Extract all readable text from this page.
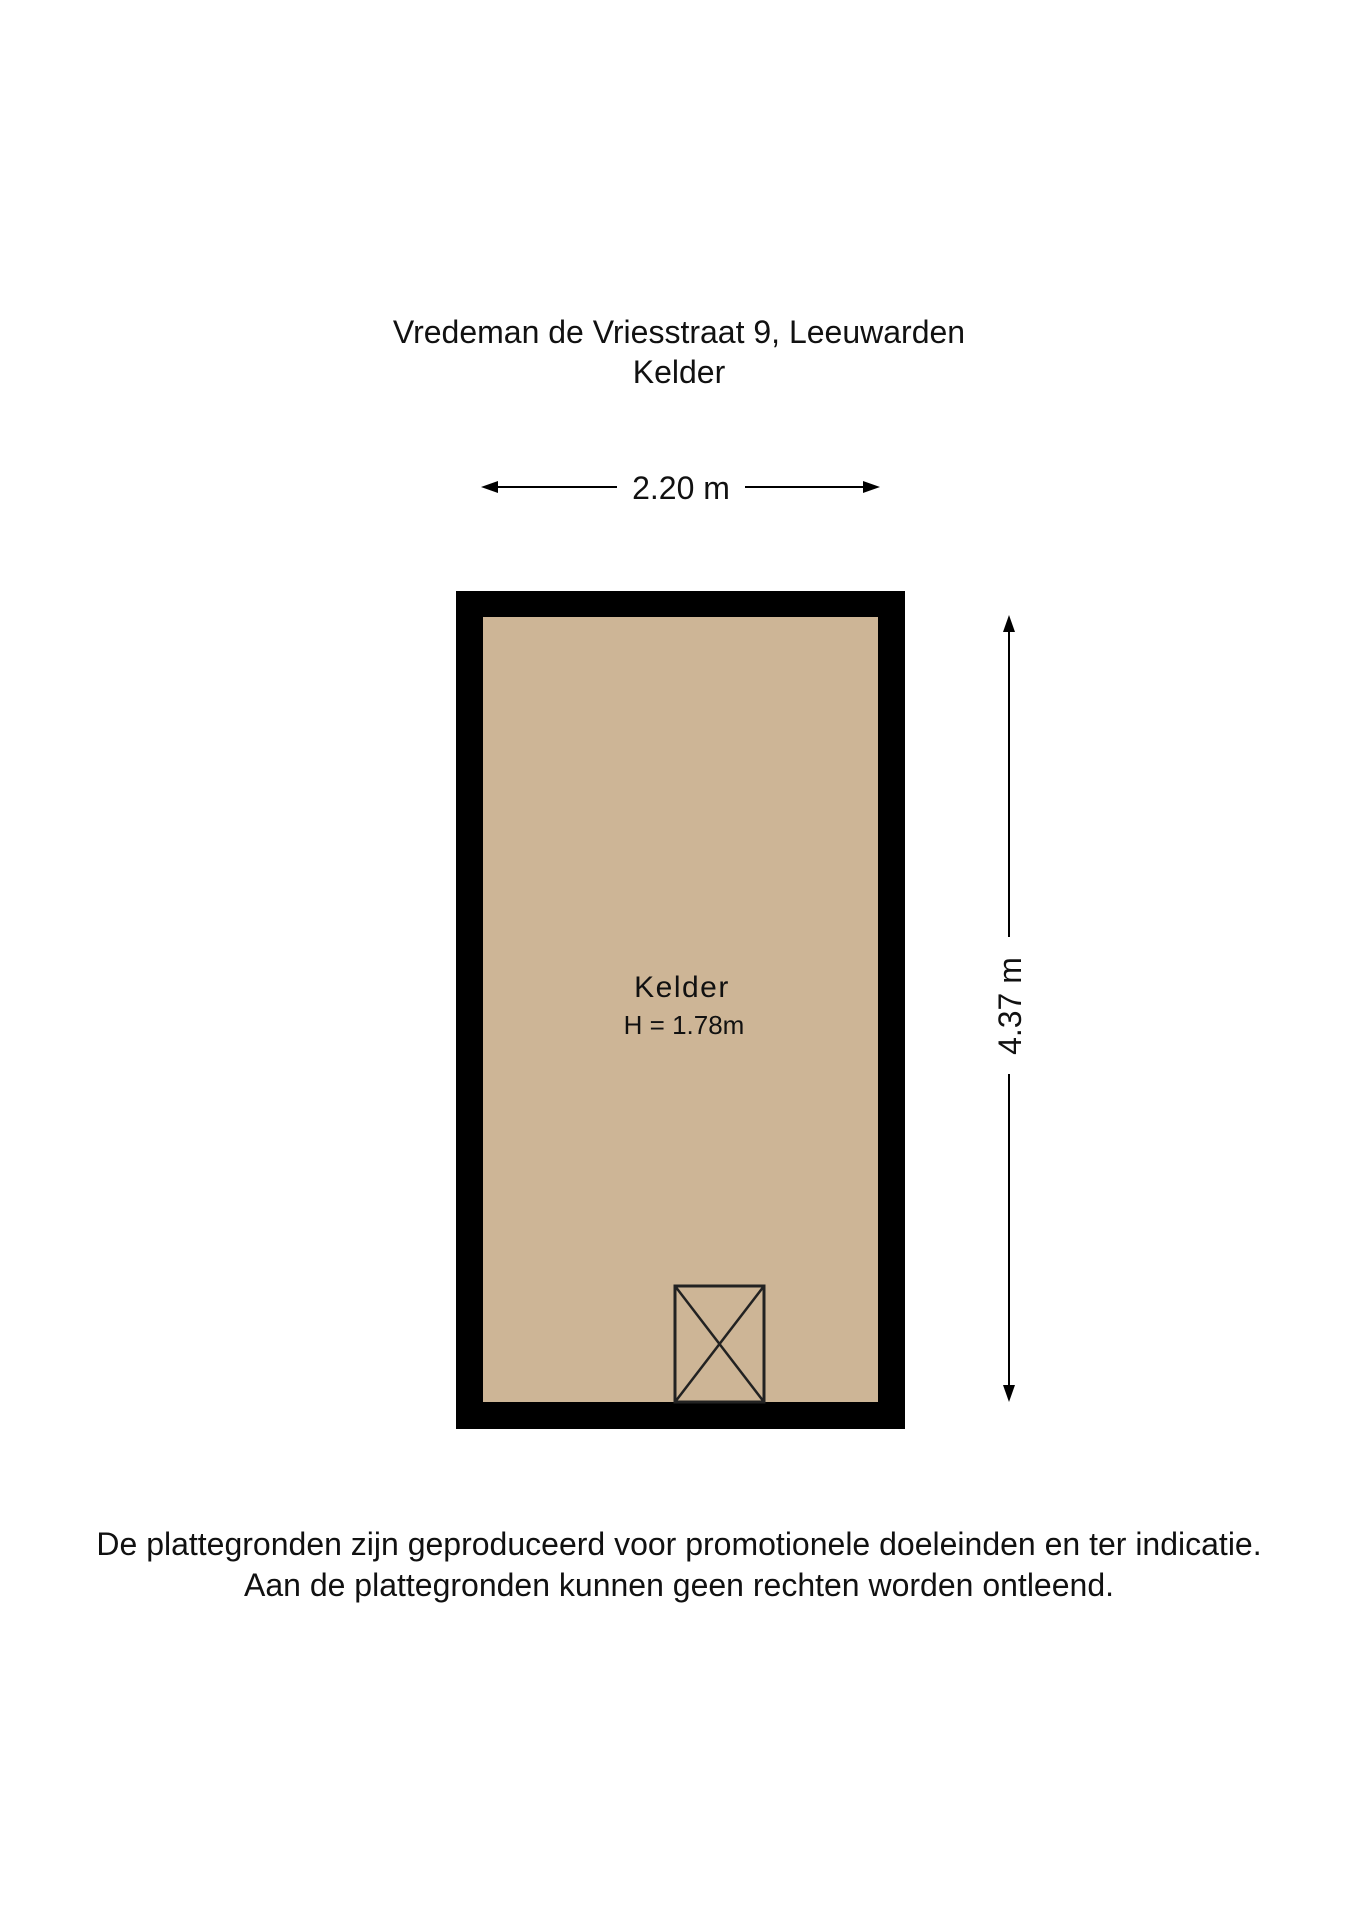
Vredeman de Vriesstraat 9, Leeuwarden
Kelder
2.20 m
Kelder
H = 1.78m	4.37 m
De plattegronden zijn geproduceerd voor promotionele doeleinden en ter indicatie.
Aan de plattegronden kunnen geen rechten worden ontleend.
